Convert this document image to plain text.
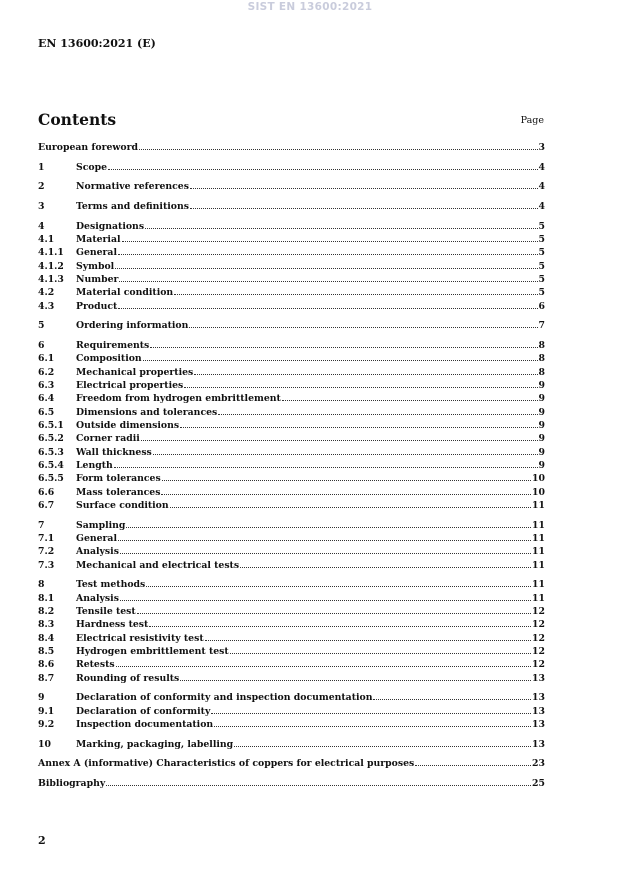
SIST EN 13600:2021
EN 13600:2021 (E)
Contents	Page
European foreword	3
1	Scope	4
2	Normative references	4
3	Terms and definitions	4
4	Designations	5
4.1	Material	5
4.1.1	General	5
4.1.2	Symbol	5
4.1.3	Number	5
4.2	Material condition	5
4.3	Product	6
5	Ordering information	7
6	Requirements	8
6.1	Composition	8
6.2	Mechanical properties	8
6.3	Electrical properties	9
6.4	Freedom from hydrogen embrittlement	9
6.5	Dimensions and tolerances	9
6.5.1	Outside dimensions	9
6.5.2	Corner radii	9
6.5.3	Wall thickness	9
6.5.4	Length	9
6.5.5	Form tolerances	10
6.6	Mass tolerances	10
6.7	Surface condition	11
7	Sampling	11
7.1	General	11
7.2	Analysis	11
7.3	Mechanical and electrical tests	11
8	Test methods	11
8.1	Analysis	11
8.2	Tensile test	12
8.3	Hardness test	12
8.4	Electrical resistivity test	12
8.5	Hydrogen embrittlement test	12
8.6	Retests	12
8.7	Rounding of results	13
9	Declaration of conformity and inspection documentation	13
9.1	Declaration of conformity	13
9.2	Inspection documentation	13
10	Marking, packaging, labelling	13
Annex A (informative) Characteristics of coppers for electrical purposes	23
Bibliography	25
2
